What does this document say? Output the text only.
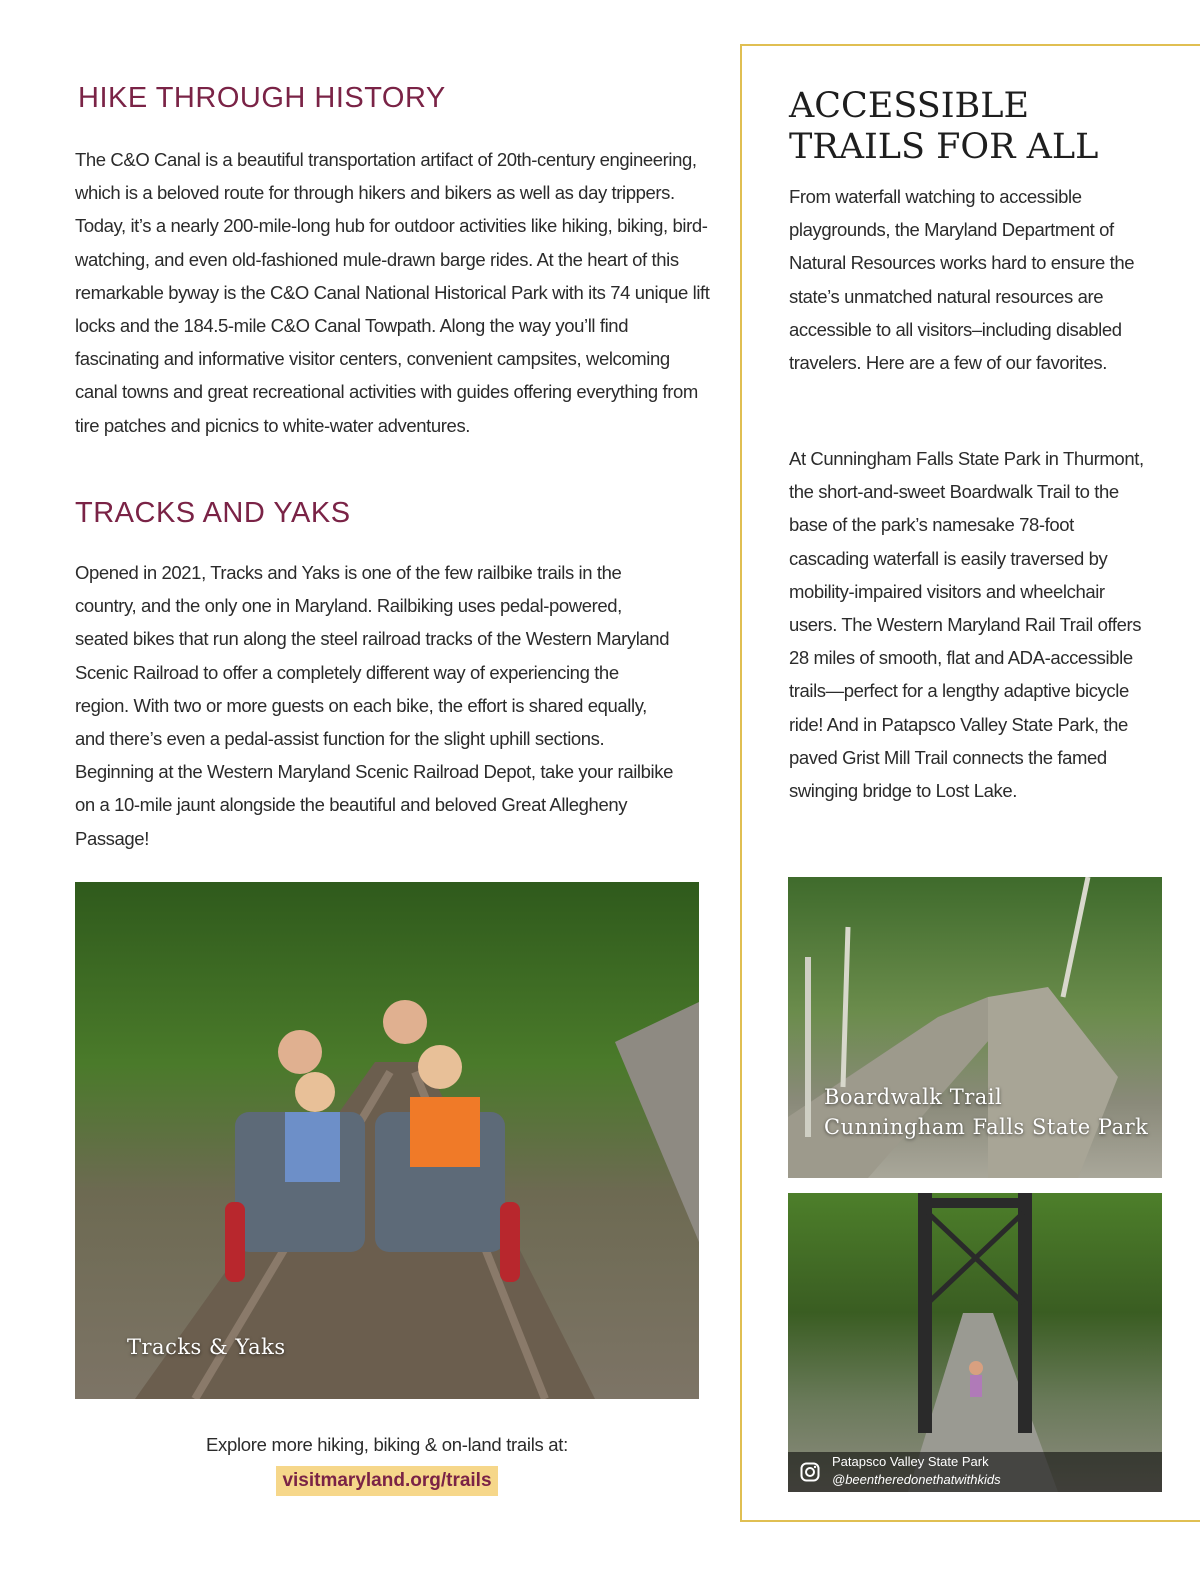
HIKE THROUGH HISTORY

The C&O Canal is a beautiful transportation artifact of 20th-century engineering, which is a beloved route for through hikers and bikers as well as day trippers. Today, it’s a nearly 200-mile-long hub for outdoor activities like hiking, biking, bird-watching, and even old-fashioned mule-drawn barge rides. At the heart of this remarkable byway is the C&O Canal National Historical Park with its 74 unique lift locks and the 184.5-mile C&O Canal Towpath. Along the way you’ll find fascinating and informative visitor centers, convenient campsites, welcoming canal towns and great recreational activities with guides offering everything from tire patches and picnics to white-water adventures.

TRACKS AND YAKS

Opened in 2021, Tracks and Yaks is one of the few railbike trails in the country, and the only one in Maryland. Railbiking uses pedal-powered, seated bikes that run along the steel railroad tracks of the Western Maryland Scenic Railroad to offer a completely different way of experiencing the region. With two or more guests on each bike, the effort is shared equally, and there’s even a pedal-assist function for the slight uphill sections. Beginning at the Western Maryland Scenic Railroad Depot, take your railbike on a 10-mile jaunt alongside the beautiful and beloved Great Allegheny Passage!

Tracks & Yaks
Explore more hiking, biking & on-land trails at:
visitmaryland.org/trails
ACCESSIBLE
TRAILS FOR ALL

From waterfall watching to accessible playgrounds, the Maryland Department of Natural Resources works hard to ensure the state’s unmatched natural resources are accessible to all visitors–including disabled travelers. Here are a few of our favorites.

At Cunningham Falls State Park in Thurmont, the short-and-sweet Boardwalk Trail to the base of the park’s namesake 78-foot cascading waterfall is easily traversed by mobility-impaired visitors and wheelchair users. The Western Maryland Rail Trail offers 28 miles of smooth, flat and ADA-accessible trails—perfect for a lengthy adaptive bicycle ride! And in Patapsco Valley State Park, the paved Grist Mill Trail connects the famed swinging bridge to Lost Lake.

Boardwalk Trail
Cunningham Falls State Park
Patapsco Valley State Park
@beentheredonethatwithkids
